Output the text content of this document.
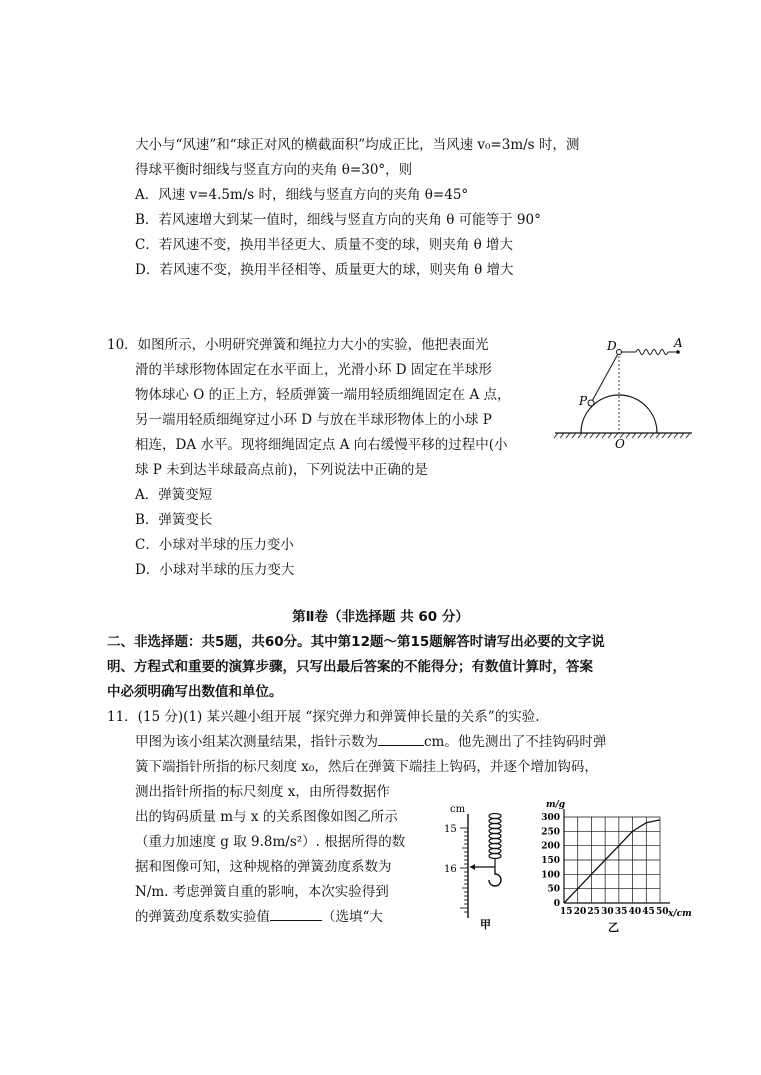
大小与“风速”和“球正对风的横截面积”均成正比，当风速 v₀=3m/s 时，测
得球平衡时细线与竖直方向的夹角 θ=30°，则
A．风速 v=4.5m/s 时，细线与竖直方向的夹角 θ=45°
B．若风速增大到某一值时，细线与竖直方向的夹角 θ 可能等于 90°
C．若风速不变，换用半径更大、质量不变的球，则夹角 θ 增大
D．若风速不变，换用半径相等、质量更大的球，则夹角 θ 增大
10．如图所示，小明研究弹簧和绳拉力大小的实验，他把表面光
滑的半球形物体固定在水平面上，光滑小环 D 固定在半球形
物体球心 O 的正上方，轻质弹簧一端用轻质细绳固定在 A 点，
另一端用轻质细绳穿过小环 D 与放在半球形物体上的小球 P
相连，DA 水平。现将细绳固定点 A 向右缓慢平移的过程中(小
球 P 未到达半球最高点前)，下列说法中正确的是
A．弹簧变短
B．弹簧变长
C．小球对半球的压力变小
D．小球对半球的压力变大
D	A
P
O
第Ⅱ卷（非选择题 共 60 分）
二、非选择题：共5题，共60分。其中第12题～第15题解答时请写出必要的文字说
明、方程式和重要的演算步骤，只写出最后答案的不能得分；有数值计算时，答案
中必须明确写出数值和单位。
11．(15 分)(1) 某兴趣小组开展 “探究弹力和弹簧伸长量的关系”的实验.
甲图为该小组某次测量结果，指针示数为	cm。他先测出了不挂钩码时弹
簧下端指针所指的标尺刻度 x₀，然后在弹簧下端挂上钩码，并逐个增加钩码，
测出指针所指的标尺刻度 x，由所得数据作
出的钩码质量 m与 x 的关系图像如图乙所示
（重力加速度 g 取 9.8m/s²）. 根据所得的数
据和图像可知，这种规格的弹簧劲度系数为
N/m. 考虑弹簧自重的影响，本次实验得到
的弹簧劲度系数实验值	（选填“大
cm
15
16
甲
m/g
x/cm
乙
15 20 25 30 35 40 45 50
0
50
100
150
200
250
300
